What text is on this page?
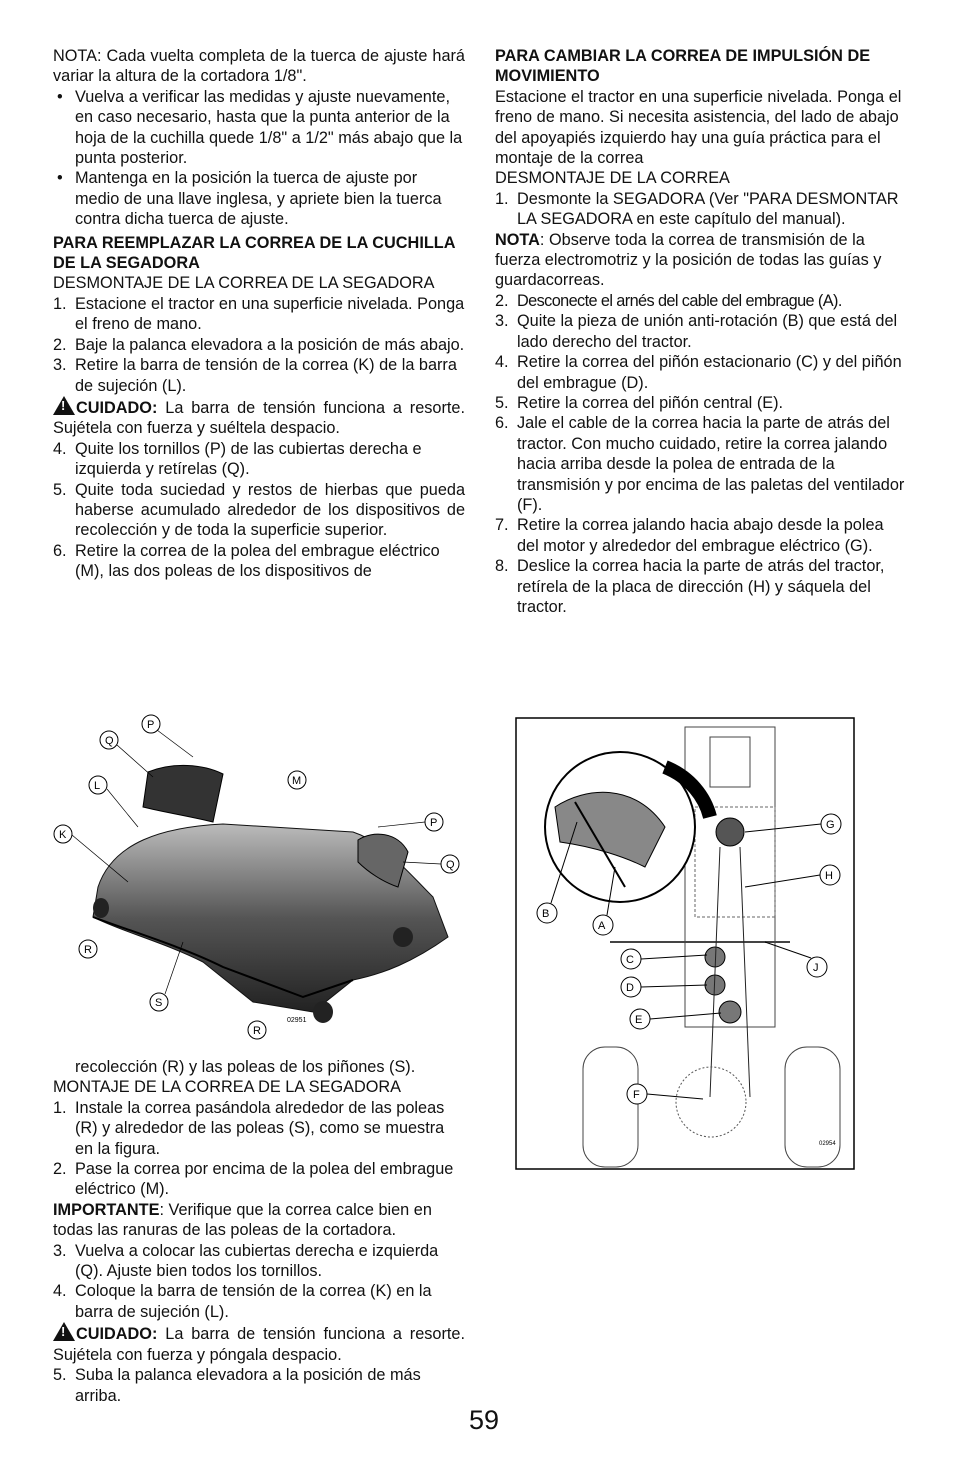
NOTA: Cada vuelta completa de la tuerca de ajuste hará variar la altura de la cortadora 1/8".

• Vuelva a verificar las medidas y ajuste nuevamente, en caso necesario, hasta que la punta anterior de la hoja de la cuchilla quede 1/8" a 1/2" más abajo que la punta posterior.
• Mantenga en la posición la tuerca de ajuste por medio de una llave inglesa, y apriete bien la tuerca contra dicha tuerca de ajuste.

PARA REEMPLAZAR LA CORREA DE LA CUCHILLA DE LA SEGADORA

DESMONTAJE DE LA CORREA DE LA SEGADORA

1. Estacione el tractor en una superficie nivelada. Ponga el freno de mano.
2. Baje la palanca elevadora a la posición de más abajo.
3. Retire la barra de tensión de la correa (K) de la barra de sujeción (L).

!CUIDADO: La barra de tensión funciona a resorte. Sujétela con fuerza y suéltela despacio.

4. Quite los tornillos (P) de las cubiertas derecha e izquierda y retírelas (Q).
5. Quite toda suciedad y restos de hierbas que pueda haberse acumulado alrededor de los dispositivos de recolección y de toda la superficie superior.
6. Retire la correa de la polea del embrague eléctrico (M), las dos poleas de los dispositivos de
P
Q
L	M
K
P
Q
R
S
R
02951

recolección (R) y las poleas de los piñones (S).

MONTAJE DE LA CORREA DE LA SEGADORA

1. Instale la correa pasándola alrededor de las poleas (R) y alrededor de las poleas (S), como se muestra en la figura.
2. Pase la correa por encima de la polea del embrague eléctrico (M).

IMPORTANTE: Verifique que la correa calce bien en todas las ranuras de las poleas de la cortadora.

3. Vuelva a colocar las cubiertas derecha e izquierda (Q). Ajuste bien todos los tornillos.
4. Coloque la barra de tensión de la correa (K) en la barra de sujeción (L).

!CUIDADO: La barra de tensión funciona a resorte. Sujétela con fuerza y póngala despacio.

5. Suba la palanca elevadora a la posición de más arriba.

PARA CAMBIAR LA CORREA DE IMPULSIÓN DE MOVIMIENTO

Estacione el tractor en una superficie nivelada. Ponga el freno de mano. Si necesita asistencia, del lado de abajo del apoyapiés izquierdo hay una guía práctica para el montaje de la correa

DESMONTAJE DE LA CORREA

1. Desmonte la SEGADORA (Ver "PARA DESMONTAR LA SEGADORA en este capítulo del manual).

NOTA: Observe toda la correa de transmisión de la fuerza electromotriz y la posición de todas las guías y guardacorreas.

2. Desconecte el arnés del cable del embrague (A).
3. Quite la pieza de unión anti-rotación (B) que está del lado derecho del tractor.
4. Retire la correa del piñón estacionario (C) y del piñón del embrague (D).
5. Retire la correa del piñón central (E).
6. Jale el cable de la correa hacia la parte de atrás del tractor. Con mucho cuidado, retire la correa jalando hacia arriba desde la polea de entrada de la transmisión y por encima de las paletas del ventilador (F).
7. Retire la correa jalando hacia abajo desde la polea del motor y alrededor del embrague eléctrico (G).
8. Deslice la correa hacia la parte de atrás del tractor, retírela de la placa de dirección (H) y sáquela del tractor.
G
H
B
A
C
J
D
E
F
02954
59
